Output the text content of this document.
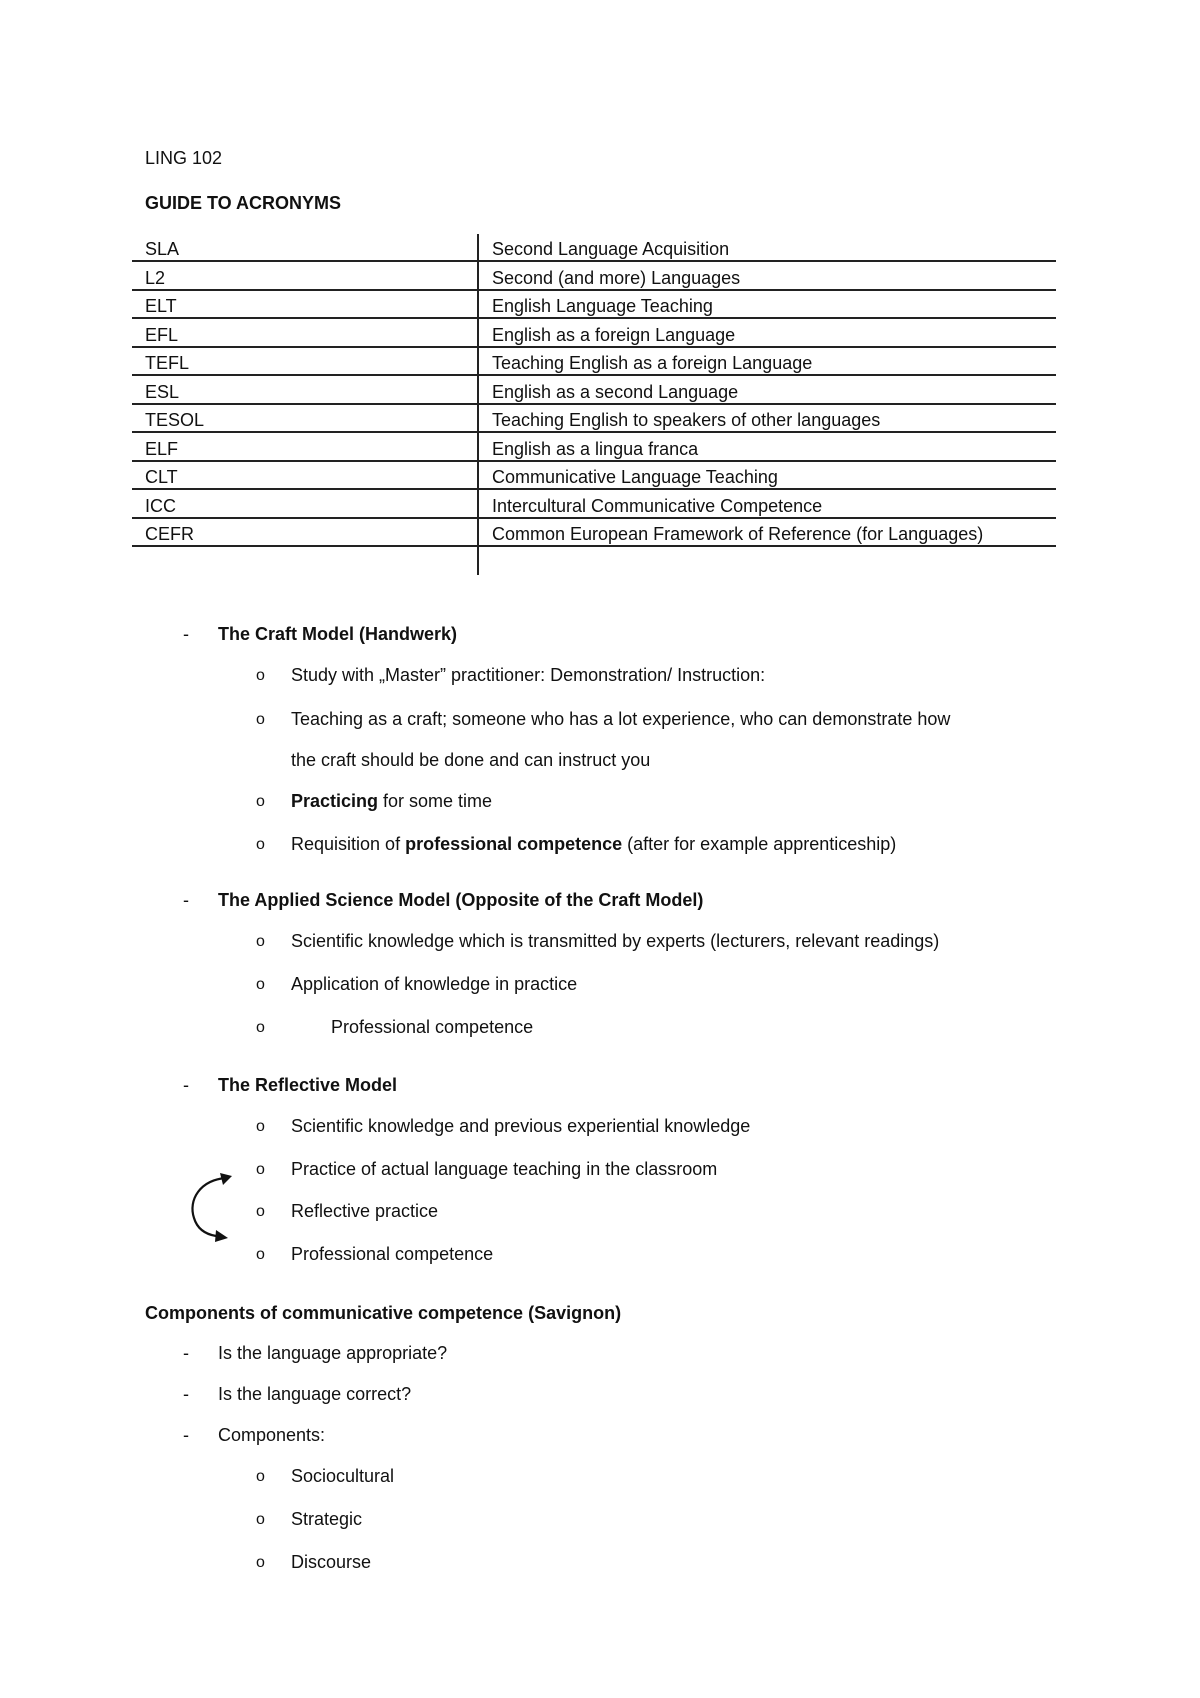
LING 102
GUIDE TO ACRONYMS
SLA	Second Language Acquisition
L2	Second (and more) Languages
ELT	English Language Teaching
EFL	English as a foreign Language
TEFL	Teaching English as a foreign Language
ESL	English as a second Language
TESOL	Teaching English to speakers of other languages
ELF	English as a lingua franca
CLT	Communicative Language Teaching
ICC	Intercultural Communicative Competence
CEFR	Common European Framework of Reference (for Languages)

- The Craft Model (Handwerk)
o Study with „Master” practitioner: Demonstration/ Instruction:
o Teaching as a craft; someone who has a lot experience, who can demonstrate how
the craft should be done and can instruct you
o Practicing for some time
o Requisition of professional competence (after for example apprenticeship)
- The Applied Science Model (Opposite of the Craft Model)
o Scientific knowledge which is transmitted by experts (lecturers, relevant readings)
o Application of knowledge in practice
o	Professional competence
- The Reflective Model
o Scientific knowledge and previous experiential knowledge
o Practice of actual language teaching in the classroom
o Reflective practice
o Professional competence
Components of communicative competence (Savignon)
- Is the language appropriate?
- Is the language correct?
- Components:
o Sociocultural
o Strategic
o Discourse
